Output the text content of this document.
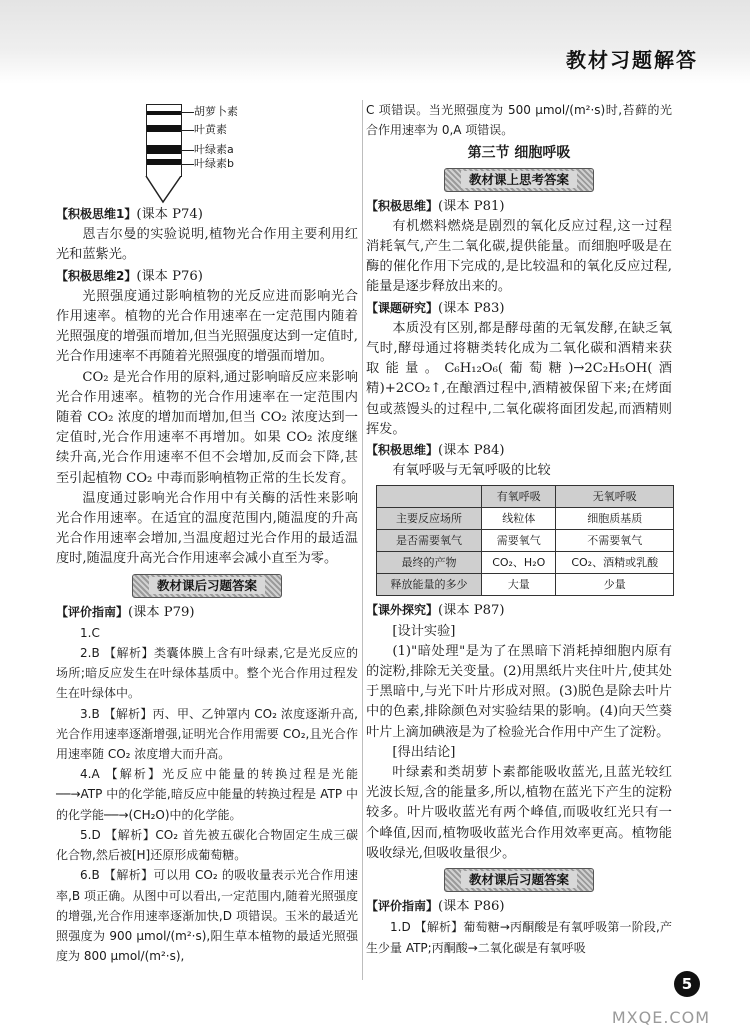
教材习题解答
胡萝卜素
叶黄素
叶绿素a
叶绿素b

【积极思维1】(课本 P74)

恩吉尔曼的实验说明,植物光合作用主要利用红光和蓝紫光。

【积极思维2】(课本 P76)

光照强度通过影响植物的光反应进而影响光合作用速率。植物的光合作用速率在一定范围内随着光照强度的增强而增加,但当光照强度达到一定值时,光合作用速率不再随着光照强度的增强而增加。

CO₂ 是光合作用的原料,通过影响暗反应来影响光合作用速率。植物的光合作用速率在一定范围内随着 CO₂ 浓度的增加而增加,但当 CO₂ 浓度达到一定值时,光合作用速率不再增加。如果 CO₂ 浓度继续升高,光合作用速率不但不会增加,反而会下降,甚至引起植物 CO₂ 中毒而影响植物正常的生长发育。

温度通过影响光合作用中有关酶的活性来影响光合作用速率。在适宜的温度范围内,随温度的升高光合作用速率会增加,当温度超过光合作用的最适温度时,随温度升高光合作用速率会减小直至为零。

教材课后习题答案

【评价指南】(课本 P79)

1.C

2.B 【解析】类囊体膜上含有叶绿素,它是光反应的场所;暗反应发生在叶绿体基质中。整个光合作用过程发生在叶绿体中。

3.B 【解析】丙、甲、乙钟罩内 CO₂ 浓度逐渐升高,光合作用速率逐渐增强,证明光合作用需要 CO₂,且光合作用速率随 CO₂ 浓度增大而升高。

4.A 【解析】光反应中能量的转换过程是光能──→ATP 中的化学能,暗反应中能量的转换过程是 ATP 中的化学能──→(CH₂O)中的化学能。

5.D 【解析】CO₂ 首先被五碳化合物固定生成三碳化合物,然后被[H]还原形成葡萄糖。

6.B 【解析】可以用 CO₂ 的吸收量表示光合作用速率,B 项正确。从图中可以看出,一定范围内,随着光照强度的增强,光合作用速率逐渐加快,D 项错误。玉米的最适光照强度为 900 μmol/(m²·s),阳生草本植物的最适光照强度为 800 μmol/(m²·s),

C 项错误。当光照强度为 500 μmol/(m²·s)时,苔藓的光合作用速率为 0,A 项错误。

第三节 细胞呼吸
教材课上思考答案

【积极思维】(课本 P81)

有机燃料燃烧是剧烈的氧化反应过程,这一过程消耗氧气,产生二氧化碳,提供能量。而细胞呼吸是在酶的催化作用下完成的,是比较温和的氧化反应过程,能量是逐步释放出来的。

【课题研究】(课本 P83)

本质没有区别,都是酵母菌的无氧发酵,在缺乏氧气时,酵母通过将糖类转化成为二氧化碳和酒精来获取能量。C₆H₁₂O₆(葡萄糖)→2C₂H₅OH(酒精)+2CO₂↑,在酿酒过程中,酒精被保留下来;在烤面包或蒸馒头的过程中,二氧化碳将面团发起,而酒精则挥发。

【积极思维】(课本 P84)

有氧呼吸与无氧呼吸的比较

	有氧呼吸	无氧呼吸
主要反应场所	线粒体	细胞质基质
是否需要氧气	需要氧气	不需要氧气
最终的产物	CO₂、H₂O	CO₂、酒精或乳酸
释放能量的多少	大量	少量

【课外探究】(课本 P87)

[设计实验]

(1)"暗处理"是为了在黑暗下消耗掉细胞内原有的淀粉,排除无关变量。(2)用黑纸片夹住叶片,使其处于黑暗中,与光下叶片形成对照。(3)脱色是除去叶片中的色素,排除颜色对实验结果的影响。(4)向天竺葵叶片上滴加碘液是为了检验光合作用中产生了淀粉。

[得出结论]

叶绿素和类胡萝卜素都能吸收蓝光,且蓝光较红光波长短,含的能量多,所以,植物在蓝光下产生的淀粉较多。叶片吸收蓝光有两个峰值,而吸收红光只有一个峰值,因而,植物吸收蓝光合作用效率更高。植物能吸收绿光,但吸收量很少。

教材课后习题答案

【评价指南】(课本 P86)

1.D 【解析】葡萄糖→丙酮酸是有氧呼吸第一阶段,产生少量 ATP;丙酮酸→二氧化碳是有氧呼吸

5
MXQE.COM
